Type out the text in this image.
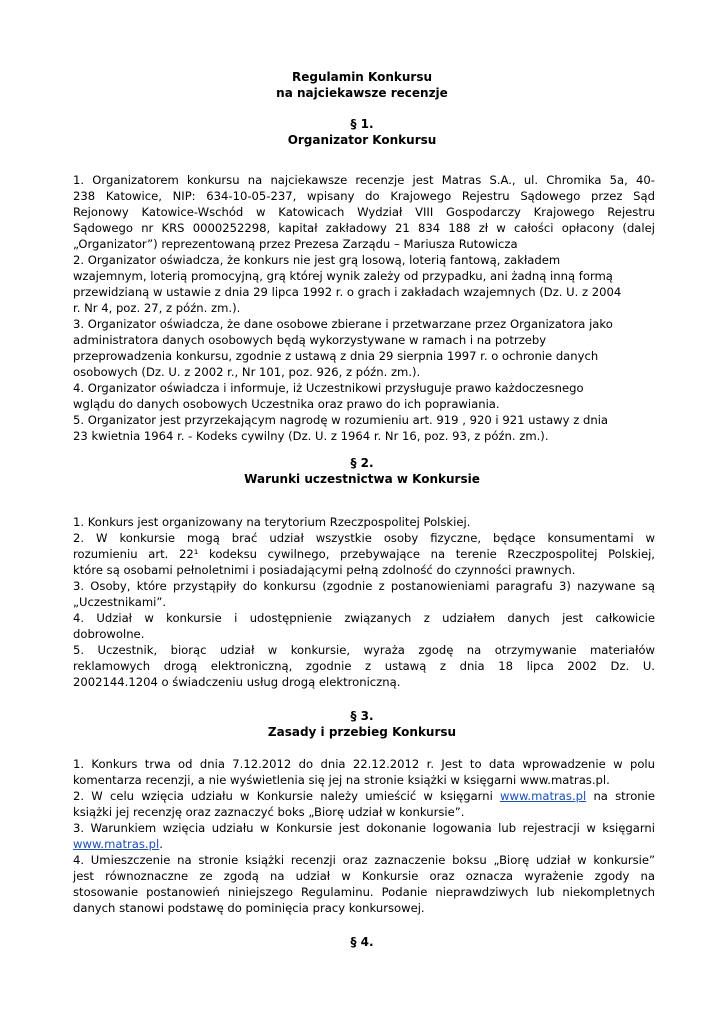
Regulamin Konkursu
na najciekawsze recenzje
§ 1.
Organizator Konkursu
1. Organizatorem konkursu na najciekawsze recenzje jest Matras S.A., ul. Chromika 5a, 40-
238 Katowice, NIP: 634-10-05-237, wpisany do Krajowego Rejestru Sądowego przez Sąd
Rejonowy Katowice-Wschód w Katowicach Wydział VIII Gospodarczy Krajowego Rejestru
Sądowego nr KRS 0000252298, kapitał zakładowy 21 834 188 zł w całości opłacony (dalej
„Organizator”) reprezentowaną przez Prezesa Zarządu – Mariusza Rutowicza
2. Organizator oświadcza, że konkurs nie jest grą losową, loterią fantową, zakładem
wzajemnym, loterią promocyjną, grą której wynik zależy od przypadku, ani żadną inną formą
przewidzianą w ustawie z dnia 29 lipca 1992 r. o grach i zakładach wzajemnych (Dz. U. z 2004
r. Nr 4, poz. 27, z późn. zm.).
3. Organizator oświadcza, że dane osobowe zbierane i przetwarzane przez Organizatora jako
administratora danych osobowych będą wykorzystywane w ramach i na potrzeby
przeprowadzenia konkursu, zgodnie z ustawą z dnia 29 sierpnia 1997 r. o ochronie danych
osobowych (Dz. U. z 2002 r., Nr 101, poz. 926, z późn. zm.).
4. Organizator oświadcza i informuje, iż Uczestnikowi przysługuje prawo każdoczesnego
wglądu do danych osobowych Uczestnika oraz prawo do ich poprawiania.
5. Organizator jest przyrzekającym nagrodę w rozumieniu art. 919 , 920 i 921 ustawy z dnia
23 kwietnia 1964 r. - Kodeks cywilny (Dz. U. z 1964 r. Nr 16, poz. 93, z późn. zm.).
§ 2.
Warunki uczestnictwa w Konkursie
1. Konkurs jest organizowany na terytorium Rzeczpospolitej Polskiej.
2. W konkursie mogą brać udział wszystkie osoby fizyczne, będące konsumentami w
rozumieniu art. 22¹ kodeksu cywilnego, przebywające na terenie Rzeczpospolitej Polskiej,
które są osobami pełnoletnimi i posiadającymi pełną zdolność do czynności prawnych.
3. Osoby, które przystąpiły do konkursu (zgodnie z postanowieniami paragrafu 3) nazywane są
„Uczestnikami”.
4. Udział w konkursie i udostępnienie związanych z udziałem danych jest całkowicie
dobrowolne.
5. Uczestnik, biorąc udział w konkursie, wyraża zgodę na otrzymywanie materiałów
reklamowych drogą elektroniczną, zgodnie z ustawą z dnia 18 lipca 2002 Dz. U.
2002144.1204 o świadczeniu usług drogą elektroniczną.
§ 3.
Zasady i przebieg Konkursu
1. Konkurs trwa od dnia 7.12.2012 do dnia 22.12.2012 r. Jest to data wprowadzenie w polu
komentarza recenzji, a nie wyświetlenia się jej na stronie książki w księgarni www.matras.pl.
2. W celu wzięcia udziału w Konkursie należy umieścić w księgarni www.matras.pl na stronie
książki jej recenzję oraz zaznaczyć boks „Biorę udział w konkursie”.
3. Warunkiem wzięcia udziału w Konkursie jest dokonanie logowania lub rejestracji w księgarni
www.matras.pl.
4. Umieszczenie na stronie książki recenzji oraz zaznaczenie boksu „Biorę udział w konkursie”
jest równoznaczne ze zgodą na udział w Konkursie oraz oznacza wyrażenie zgody na
stosowanie postanowień niniejszego Regulaminu. Podanie nieprawdziwych lub niekompletnych
danych stanowi podstawę do pominięcia pracy konkursowej.
§ 4.
